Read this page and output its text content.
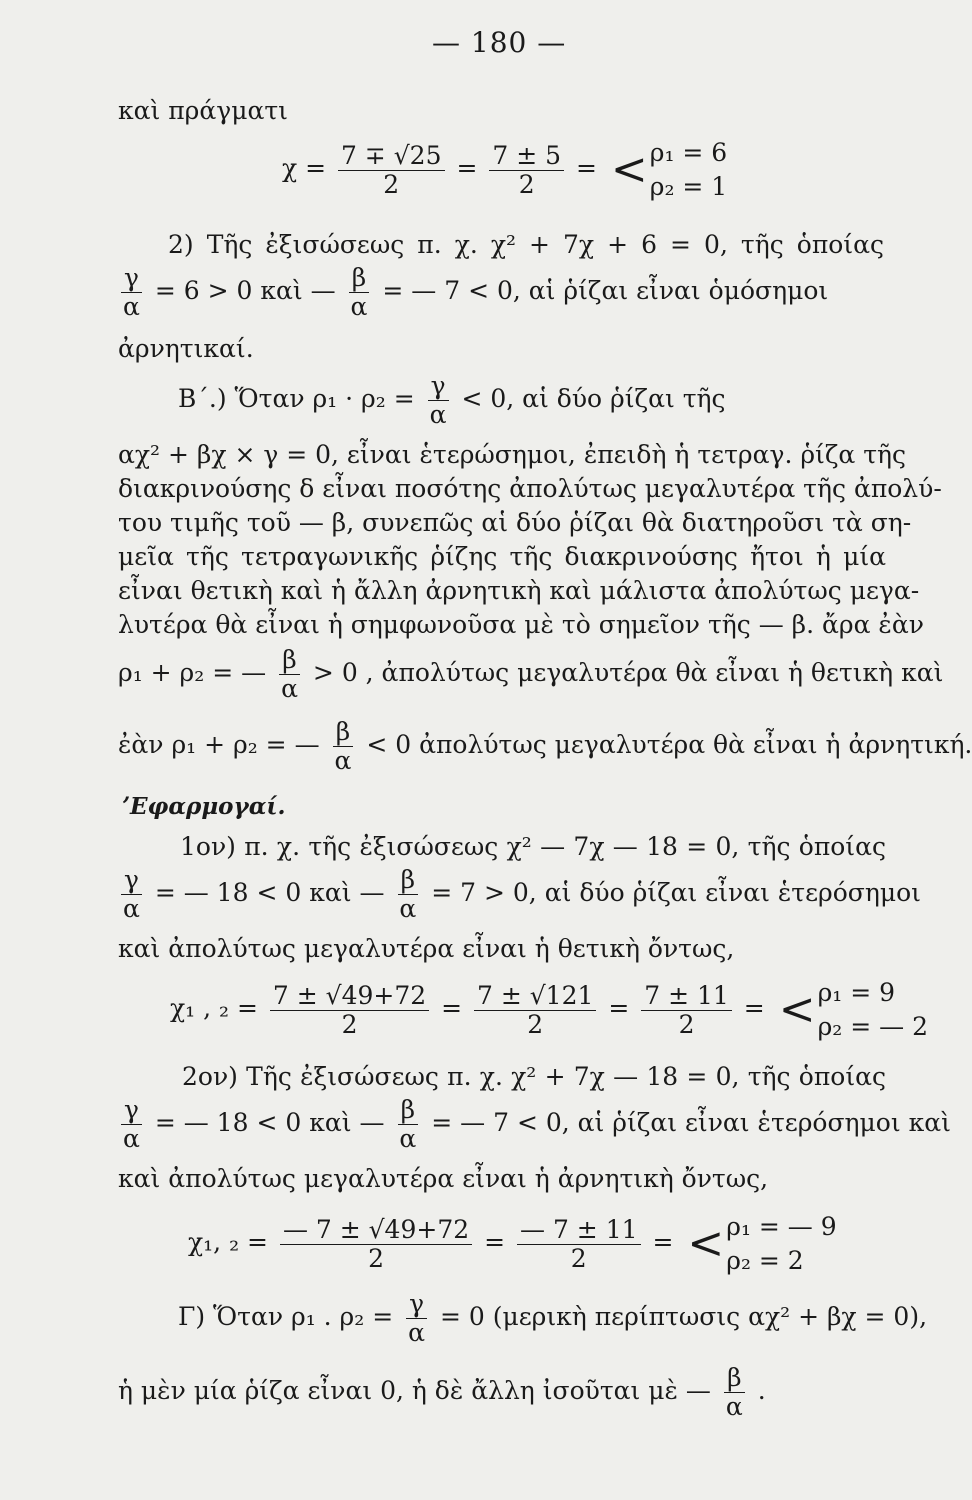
— 180 —
καὶ πράγματι
$\chi = \frac{7 \mp √25}{2} = \frac{7 \pm 5}{2}$ = < ρ₁ = 6
ρ₂ = 1
2) Τῆς ἐξισώσεως π. χ. χ² + 7χ + 6 = 0, τῆς ὁποίας
$\frac{\gamma}{\alpha} = 6 > 0$ καὶ — $\frac{\beta}{\alpha}$ = — 7 < 0, αἱ ῥίζαι εἶναι ὁμόσημοι
ἀρνητικαί.
Β΄.) Ὅταν $\rho_1 \cdot \rho_2 = \frac{\gamma}{\alpha} < 0$, αἱ δύο ῥίζαι τῆς
αχ² + βχ × γ = 0, εἶναι ἑτερώσημοι, ἐπειδὴ ἡ τετραγ. ῥίζα τῆς
διακρινούσης δ εἶναι ποσότης ἀπολύτως μεγαλυτέρα τῆς ἀπολύ-
του τιμῆς τοῦ — β, συνεπῶς αἱ δύο ῥίζαι θὰ διατηροῦσι τὰ ση-
μεῖα τῆς τετραγωνικῆς ῥίζης τῆς διακρινούσης ἤτοι ἡ μία
εἶναι θετικὴ καὶ ἡ ἄλλη ἀρνητικὴ καὶ μάλιστα ἀπολύτως μεγα-
λυτέρα θὰ εἶναι ἡ σημφωνοῦσα μὲ τὸ σημεῖον τῆς — β. ἄρα ἐὰν
ρ₁ + ρ₂ = — $\frac{\beta}{\alpha} > 0$ , ἀπολύτως μεγαλυτέρα θὰ εἶναι ἡ θετικὴ καὶ
ἐὰν ρ₁ + ρ₂ = — $\frac{\beta}{\alpha} < 0$ ἀπολύτως μεγαλυτέρα θὰ εἶναι ἡ ἀρνητική.
ʼΕφαρμογαί.
1ον) π. χ. τῆς ἐξισώσεως χ² — 7χ — 18 = 0, τῆς ὁποίας
$\frac{\gamma}{\alpha}$ = — 18 < 0 καὶ — $\frac{\beta}{\alpha} = 7 > 0$, αἱ δύο ῥίζαι εἶναι ἑτερόσημοι
καὶ ἀπολύτως μεγαλυτέρα εἶναι ἡ θετικὴ ὄντως,
χ₁ , $_2 = \frac{7 \pm √49+72}{2} = \frac{7 \pm √121}{2} = \frac{7 \pm 11}{2}$ = < ρ₁ = 9
ρ₂ = — 2
2ον) Τῆς ἐξισώσεως π. χ. χ² + 7χ — 18 = 0, τῆς ὁποίας
$\frac{\gamma}{\alpha}$ = — 18 < 0 καὶ — $\frac{\beta}{\alpha}$ = — 7 < 0, αἱ ῥίζαι εἶναι ἑτερόσημοι καὶ
καὶ ἀπολύτως μεγαλυτέρα εἶναι ἡ ἀρνητικὴ ὄντως,
χ₁, $_2 = \frac{— 7 \pm √49+72}{2} = \frac{— 7 \pm 11}{2}$ = < ρ₁ = — 9
ρ₂ = 2
Γ) Ὅταν ρ₁ . $\rho_2 = \frac{\gamma}{\alpha} = 0$ (μερικὴ περίπτωσις αχ² + βχ = 0),
ἡ μὲν μία ῥίζα εἶναι 0, ἡ δὲ ἄλλη ἰσοῦται μὲ — $\frac{\beta}{\alpha}$ .
